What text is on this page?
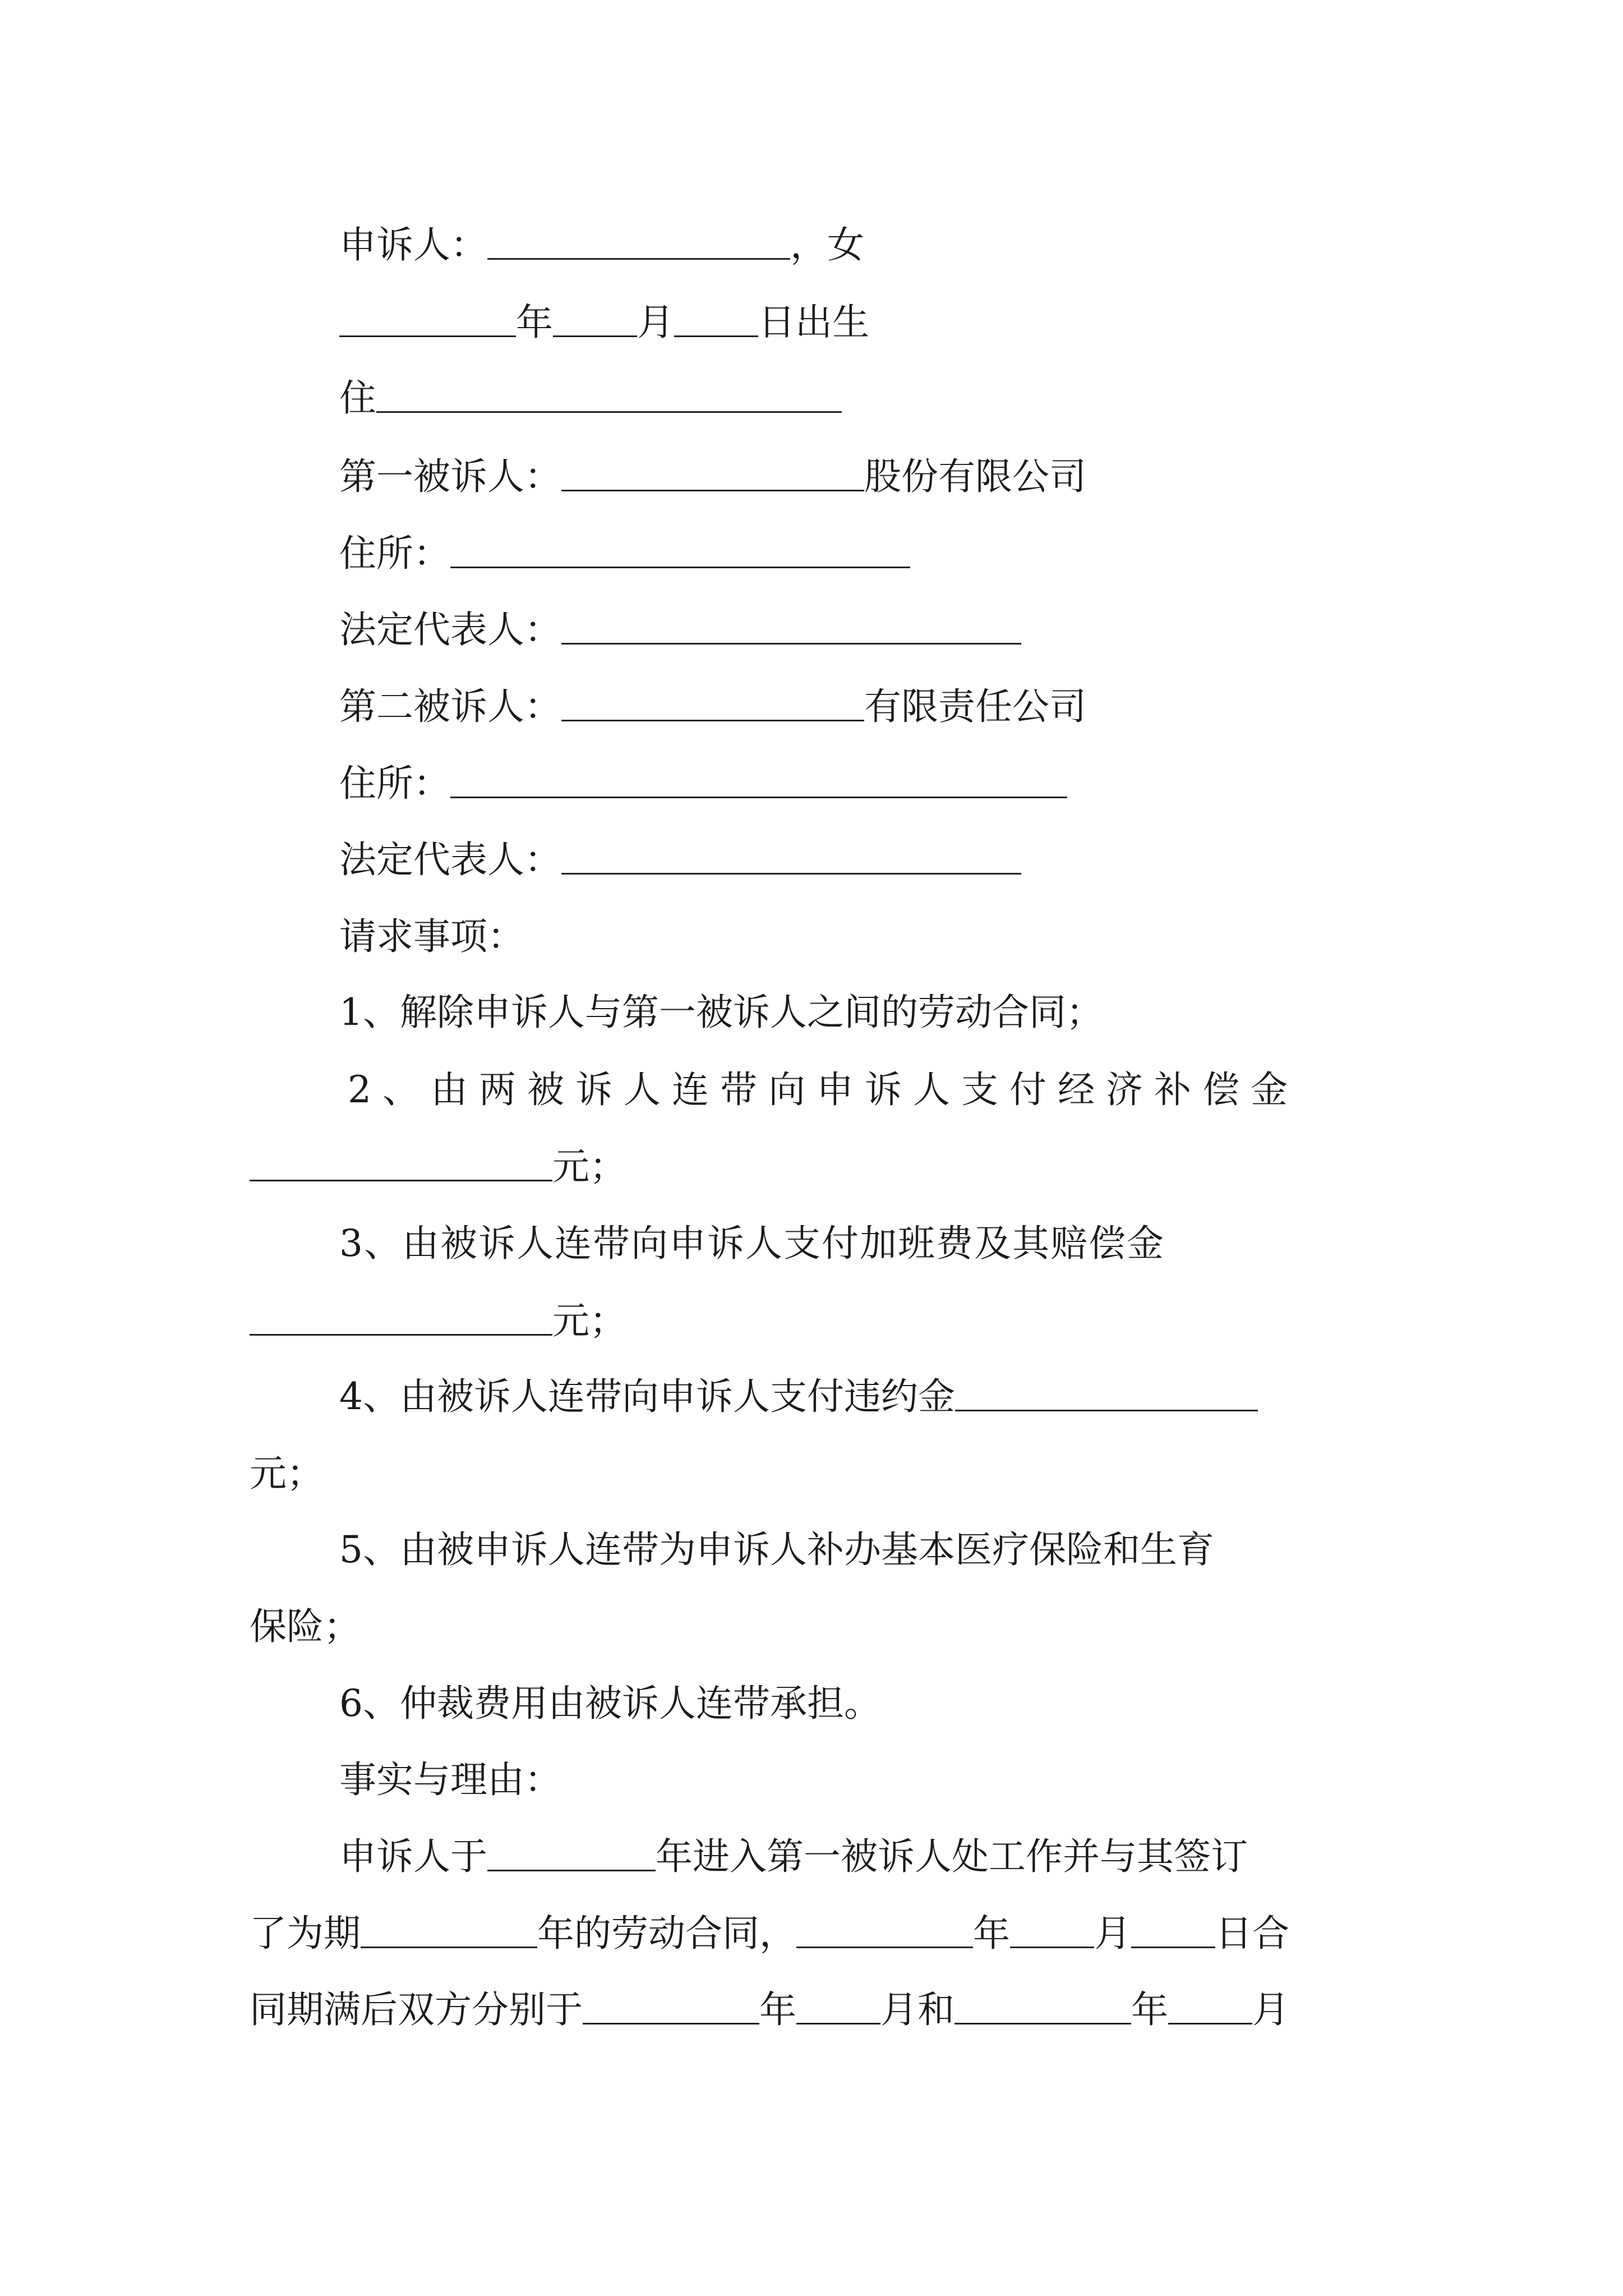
申诉人：	，女
年 月 日出生
住
第一被诉人：	股份有限公司
住所：
法定代表人：
第二被诉人：	有限责任公司
住所：
法定代表人：
请求事项：
1、解除申诉人与第一被诉人之间的劳动合同；
2、由两被诉人连带向申诉人支付经济补偿金
元；
3、由被诉人连带向申诉人支付加班费及其赔偿金
元；
4、由被诉人连带向申诉人支付违约金
元；
5、由被申诉人连带为申诉人补办基本医疗保险和生育
保险；
6、仲裁费用由被诉人连带承担。
事实与理由：
申诉人于	年进入第一被诉人处工作并与其签订
了为期	年的劳动合同，	年 月 日合
同期满后双方分别于	年 月和	年 月
